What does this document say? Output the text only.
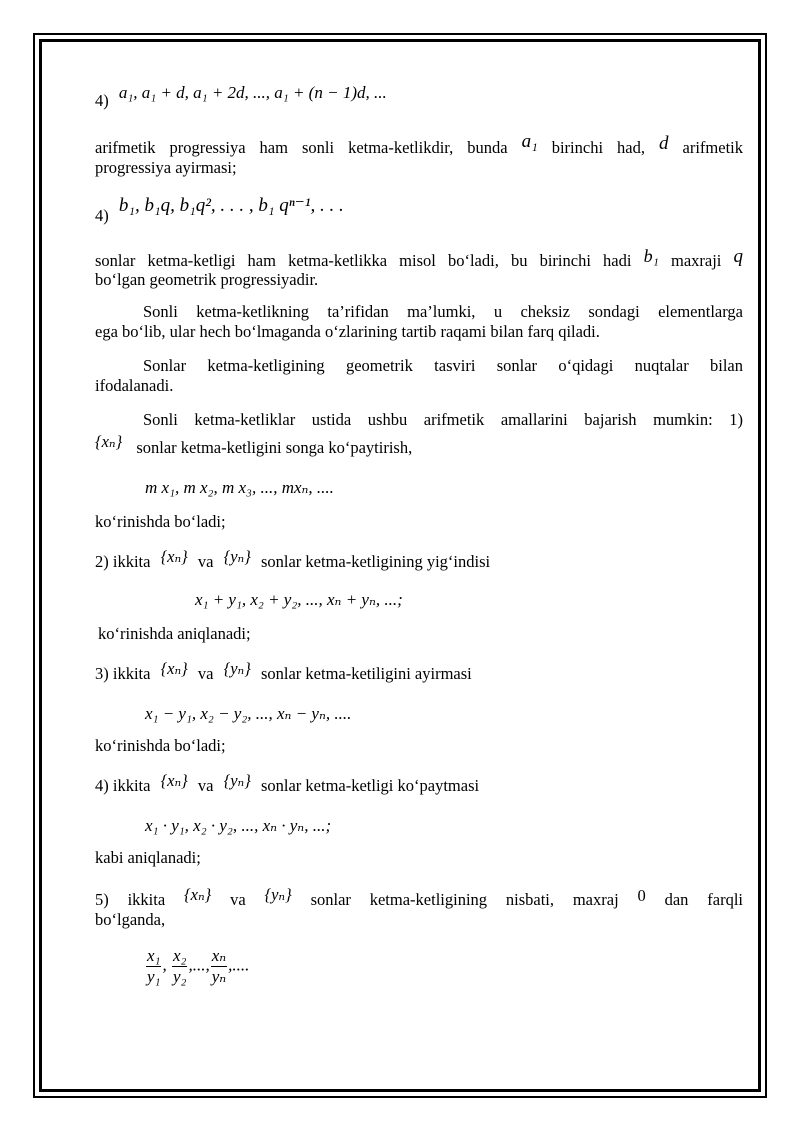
4) a₁, a₁ + d, a₁ + 2d, ..., a₁ + (n − 1)d, ...
arifmetik progressiya ham sonli ketma-ketlikdir, bunda a₁ birinchi had, d arifmetik
progressiya ayirmasi;
4) b₁, b₁q, b₁q², . . . , b₁ qⁿ⁻¹, . . .
sonlar ketma-ketligi ham ketma-ketlikka misol bo‘ladi, bu birinchi hadi b₁ maxraji q
bo‘lgan geometrik progressiyadir.
Sonli ketma-ketlikning ta’rifidan ma’lumki, u cheksiz sondagi elementlarga
ega bo‘lib, ular hech bo‘lmaganda o‘zlarining tartib raqami bilan farq qiladi.
Sonlar ketma-ketligining geometrik tasviri sonlar o‘qidagi nuqtalar bilan
ifodalanadi.
Sonli ketma-ketliklar ustida ushbu arifmetik amallarini bajarish mumkin: 1)
{xₙ} sonlar ketma-ketligini songa ko‘paytirish,
m x₁, m x₂, m x₃, ..., mxₙ, ....
ko‘rinishda bo‘ladi;
2) ikkita {xₙ} va {yₙ} sonlar ketma-ketligining yig‘indisi
x₁ + y₁, x₂ + y₂, ..., xₙ + yₙ, ...;
ko‘rinishda aniqlanadi;
3) ikkita {xₙ} va {yₙ} sonlar ketma-ketiligini ayirmasi
x₁ − y₁, x₂ − y₂, ..., xₙ − yₙ, ....
ko‘rinishda bo‘ladi;
4) ikkita {xₙ} va {yₙ} sonlar ketma-ketligi ko‘paytmasi
x₁ · y₁, x₂ · y₂, ..., xₙ · yₙ, ...;
kabi aniqlanadi;
5) ikkita {xₙ} va {yₙ} sonlar ketma-ketligining nisbati, maxraj 0 dan farqli
bo‘lganda,
$\frac{\text{x₁}}{\text{y₁}}$ , $\frac{\text{x₂}}{\text{y₂}}$ ,..., $\frac{\text{xₙ}}{\text{yₙ}}$ ,....
